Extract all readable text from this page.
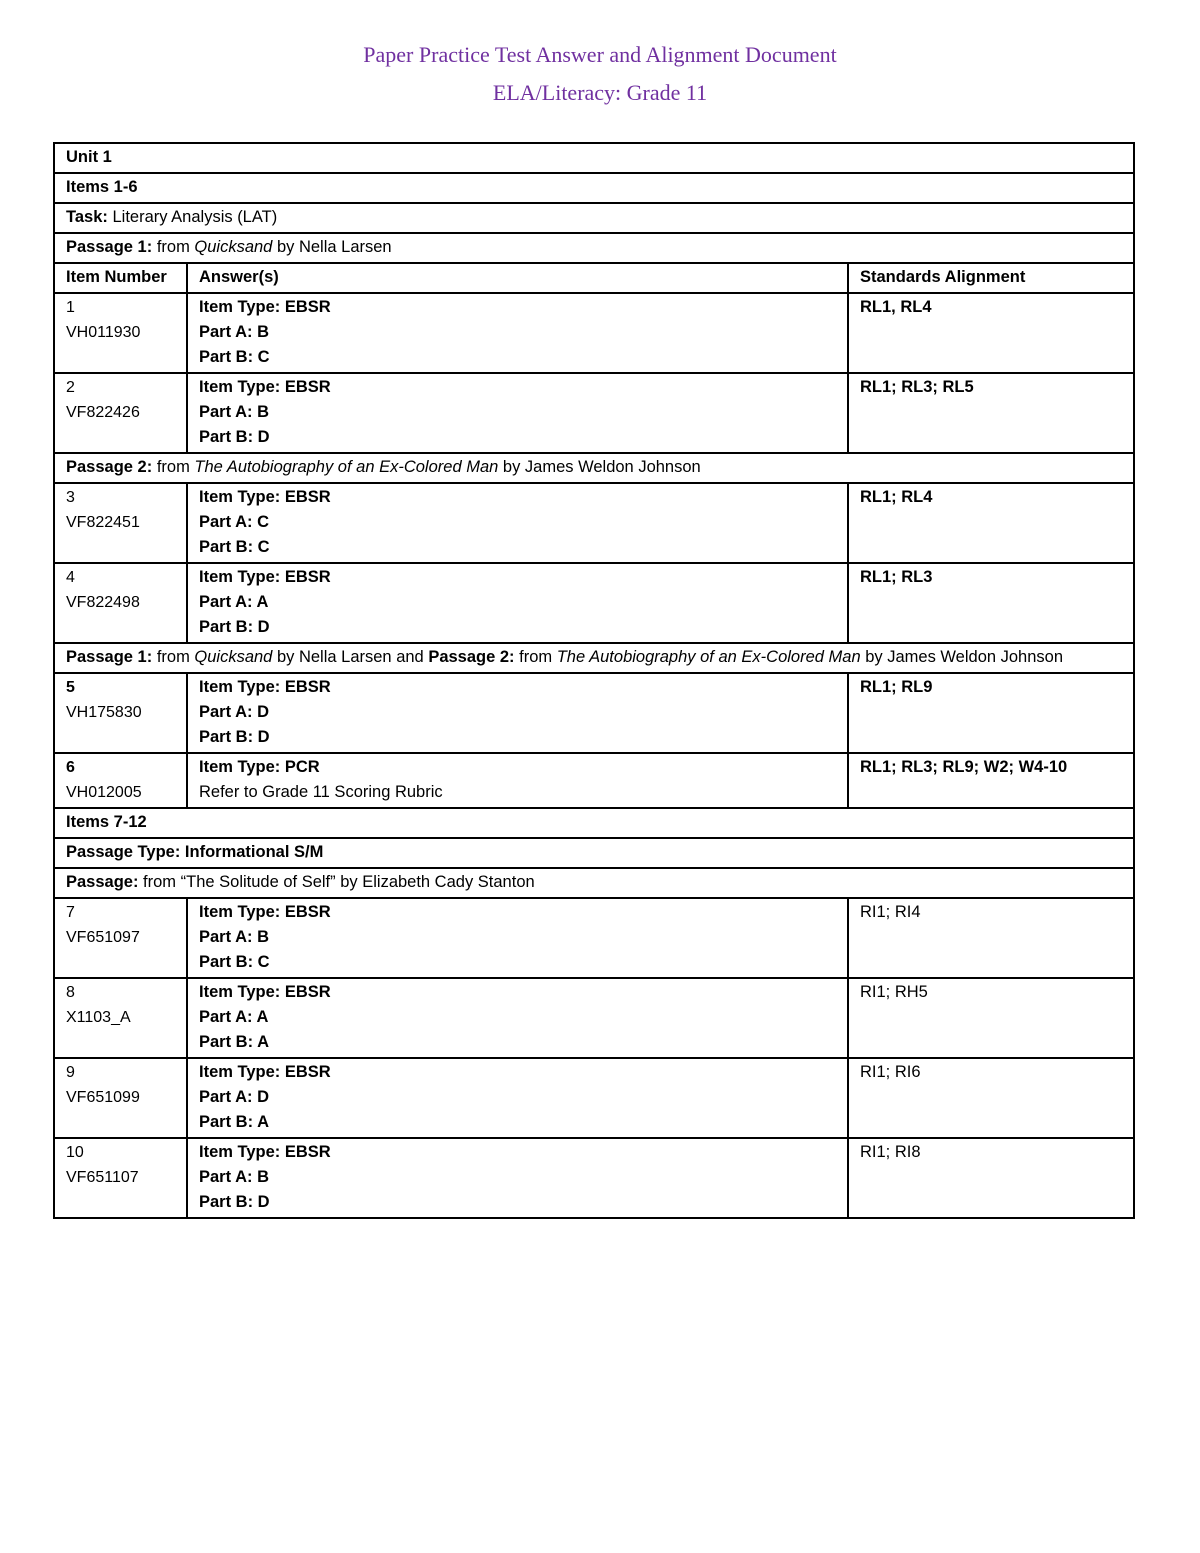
Paper Practice Test Answer and Alignment Document
ELA/Literacy: Grade 11
Unit 1		
Items 1-6		
Task: Literary Analysis (LAT)		
Passage 1: from Quicksand by Nella Larsen		
Item Number	Answer(s)	Standards Alignment

1
VH011930	Item Type: EBSR
Part A: B
Part B: C	RL1, RL4

2
VF822426	Item Type: EBSR
Part A: B
Part B: D	RL1; RL3; RL5
Passage 2: from The Autobiography of an Ex-Colored Man by James Weldon Johnson		

3
VF822451	Item Type: EBSR
Part A: C
Part B: C	RL1; RL4

4
VF822498	Item Type: EBSR
Part A: A
Part B: D	RL1; RL3
Passage 1: from Quicksand by Nella Larsen and Passage 2: from The Autobiography of an Ex-Colored Man by James Weldon Johnson		

5
VH175830	Item Type: EBSR
Part A: D
Part B: D	RL1; RL9

6
VH012005	Item Type: PCR
Refer to Grade 11 Scoring Rubric	RL1; RL3; RL9; W2; W4-10
Items 7-12		
Passage Type: Informational S/M		
Passage: from “The Solitude of Self” by Elizabeth Cady Stanton		

7
VF651097	Item Type: EBSR
Part A: B
Part B: C	RI1; RI4

8
X1103_A	Item Type: EBSR
Part A: A
Part B: A	RI1; RH5

9
VF651099	Item Type: EBSR
Part A: D
Part B: A	RI1; RI6

10
VF651107	Item Type: EBSR
Part A: B
Part B: D	RI1; RI8
